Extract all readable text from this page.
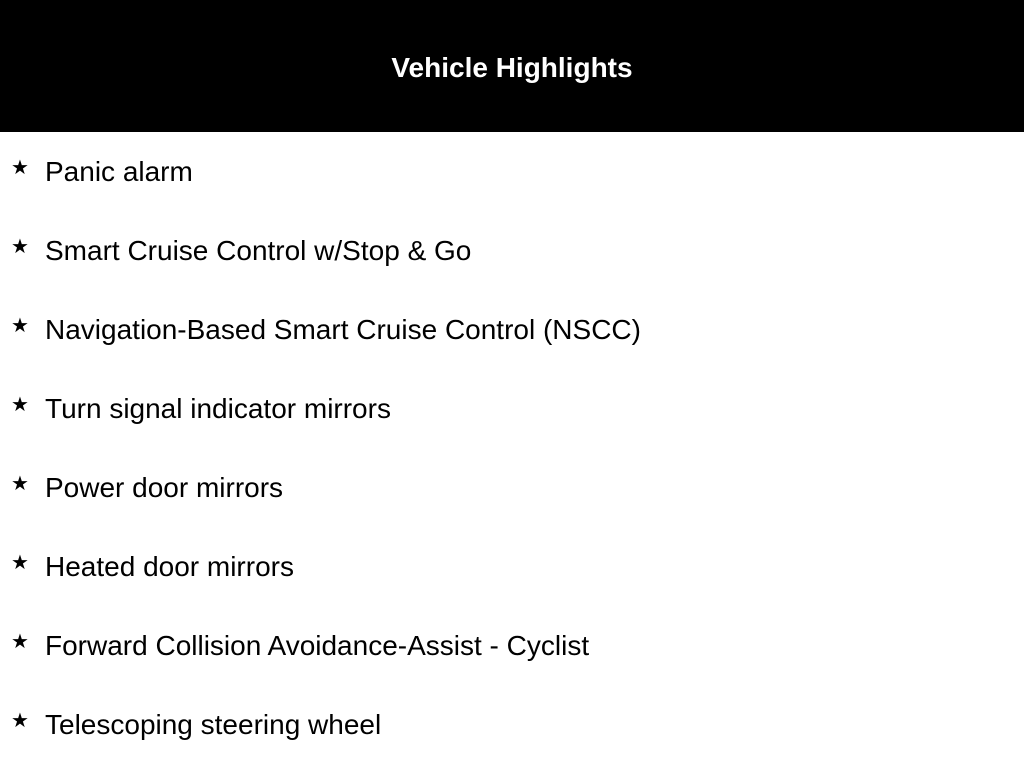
Vehicle Highlights
★ Panic alarm
★ Smart Cruise Control w/Stop & Go
★ Navigation-Based Smart Cruise Control (NSCC)
★ Turn signal indicator mirrors
★ Power door mirrors
★ Heated door mirrors
★ Forward Collision Avoidance-Assist - Cyclist
★ Telescoping steering wheel
